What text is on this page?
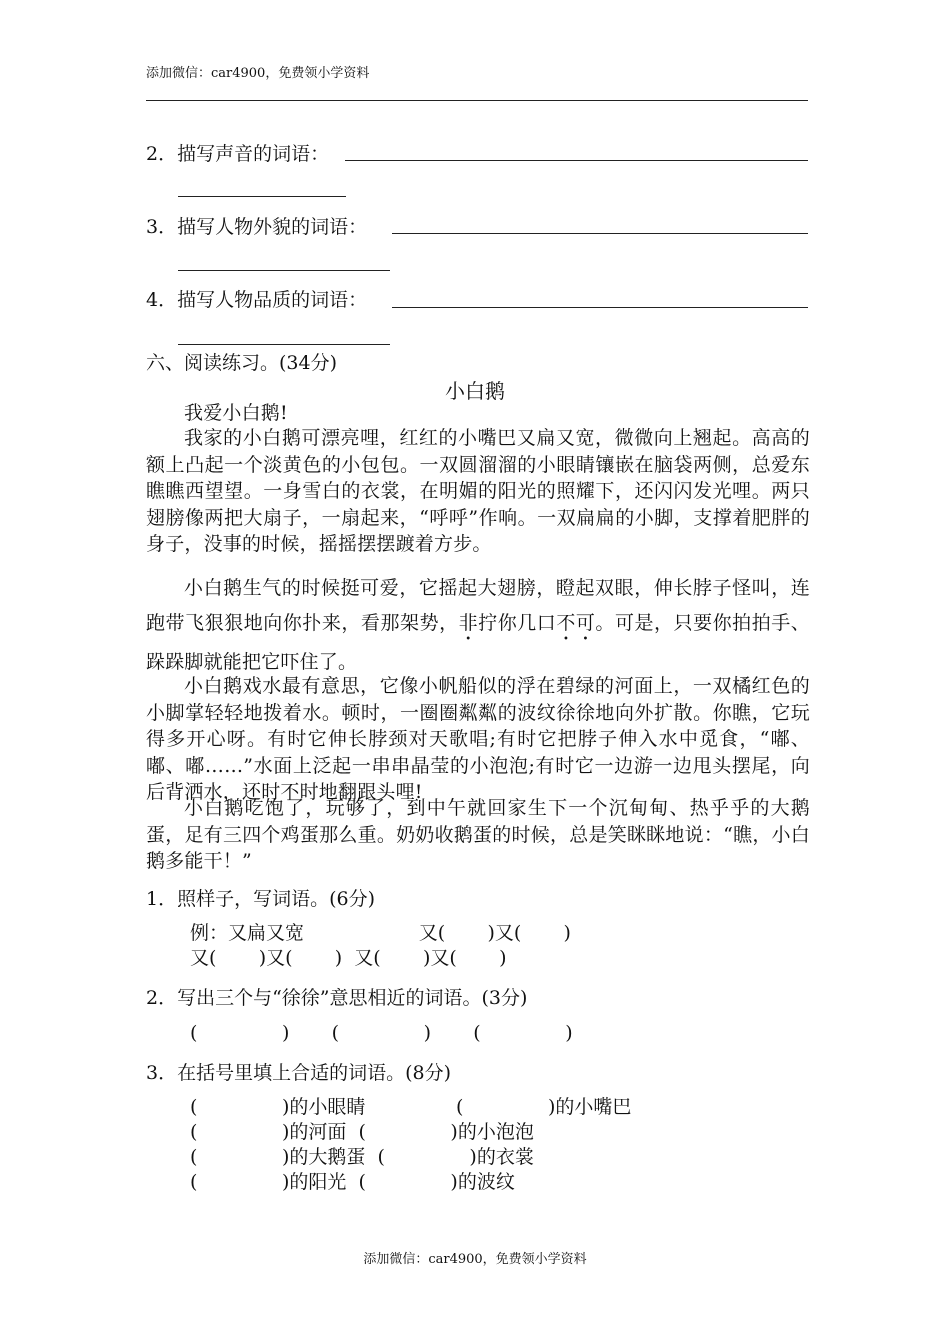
添加微信：car4900，免费领小学资料
2．描写声音的词语：
3．描写人物外貌的词语：
4．描写人物品质的词语：
六、阅读练习。(34分)
小白鹅
我爱小白鹅!
我家的小白鹅可漂亮哩，红红的小嘴巴又扁又宽，微微向上翘起。高高的额上凸起一个淡黄色的小包包。一双圆溜溜的小眼睛镶嵌在脑袋两侧，总爱东瞧瞧西望望。一身雪白的衣裳，在明媚的阳光的照耀下，还闪闪发光哩。两只翅膀像两把大扇子，一扇起来，“呼呼”作响。一双扁扁的小脚，支撑着肥胖的身子，没事的时候，摇摇摆摆踱着方步。
小白鹅生气的时候挺可爱，它摇起大翅膀，瞪起双眼，伸长脖子怪叫，连跑带飞狠狠地向你扑来，看那架势，非拧你几口不可。可是，只要你拍拍手、跺跺脚就能把它吓住了。
小白鹅戏水最有意思，它像小帆船似的浮在碧绿的河面上，一双橘红色的小脚掌轻轻地拨着水。顿时，一圈圈粼粼的波纹徐徐地向外扩散。你瞧，它玩得多开心呀。有时它伸长脖颈对天歌唱;有时它把脖子伸入水中觅食，“嘟、嘟、嘟……”水面上泛起一串串晶莹的小泡泡;有时它一边游一边甩头摆尾，向后背洒水，还时不时地翻跟头哩!
小白鹅吃饱了，玩够了，到中午就回家生下一个沉甸甸、热乎乎的大鹅蛋，足有三四个鸡蛋那么重。奶奶收鹅蛋的时候，总是笑眯眯地说：“瞧，小白鹅多能干！”
1．照样子，写词语。(6分)
例：又扁又宽                   又(       )又(       )
又(       )又(       )  又(       )又(       )
2．写出三个与“徐徐”意思相近的词语。(3分)
(              )       (              )       (              )
3．在括号里填上合适的词语。(8分)
(              )的小眼睛               (              )的小嘴巴
(              )的河面  (              )的小泡泡
(              )的大鹅蛋  (              )的衣裳
(              )的阳光  (              )的波纹
添加微信：car4900，免费领小学资料
